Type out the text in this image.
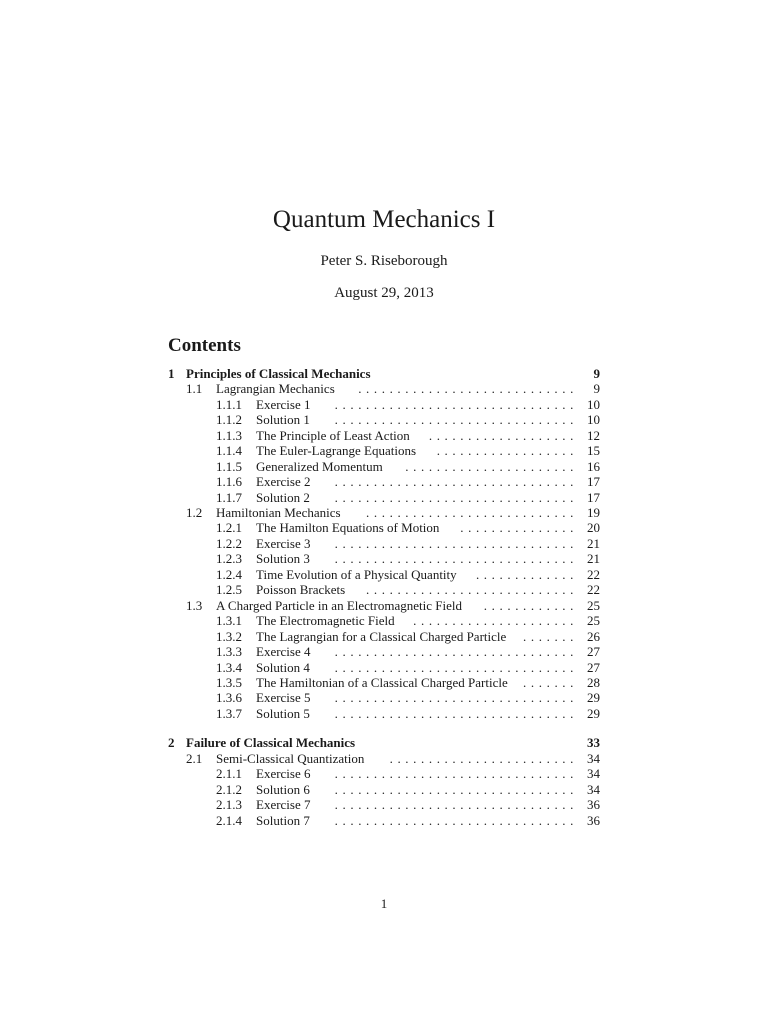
Quantum Mechanics I
Peter S. Riseborough
August 29, 2013
Contents
1 Principles of Classical Mechanics	9
1.1 Lagrangian Mechanics	............................ 9
1.1.1 Exercise 1	............................... 10
1.1.2 Solution 1	............................... 10
1.1.3 The Principle of Least Action	................... 12
1.1.4 The Euler-Lagrange Equations	.................. 15
1.1.5 Generalized Momentum	...................... 16
1.1.6 Exercise 2	............................... 17
1.1.7 Solution 2	............................... 17
1.2 Hamiltonian Mechanics	........................... 19
1.2.1 The Hamilton Equations of Motion	............... 20
1.2.2 Exercise 3	............................... 21
1.2.3 Solution 3	............................... 21
1.2.4 Time Evolution of a Physical Quantity	............. 22
1.2.5 Poisson Brackets	........................... 22
1.3 A Charged Particle in an Electromagnetic Field	............ 25
1.3.1 The Electromagnetic Field	..................... 25
1.3.2 The Lagrangian for a Classical Charged Particle	....... 26
1.3.3 Exercise 4	............................... 27
1.3.4 Solution 4	............................... 27
1.3.5 The Hamiltonian of a Classical Charged Particle	....... 28
1.3.6 Exercise 5	............................... 29
1.3.7 Solution 5	............................... 29
2 Failure of Classical Mechanics	33
2.1 Semi-Classical Quantization	........................ 34
2.1.1 Exercise 6	............................... 34
2.1.2 Solution 6	............................... 34
2.1.3 Exercise 7	............................... 36
2.1.4 Solution 7	............................... 36
1
